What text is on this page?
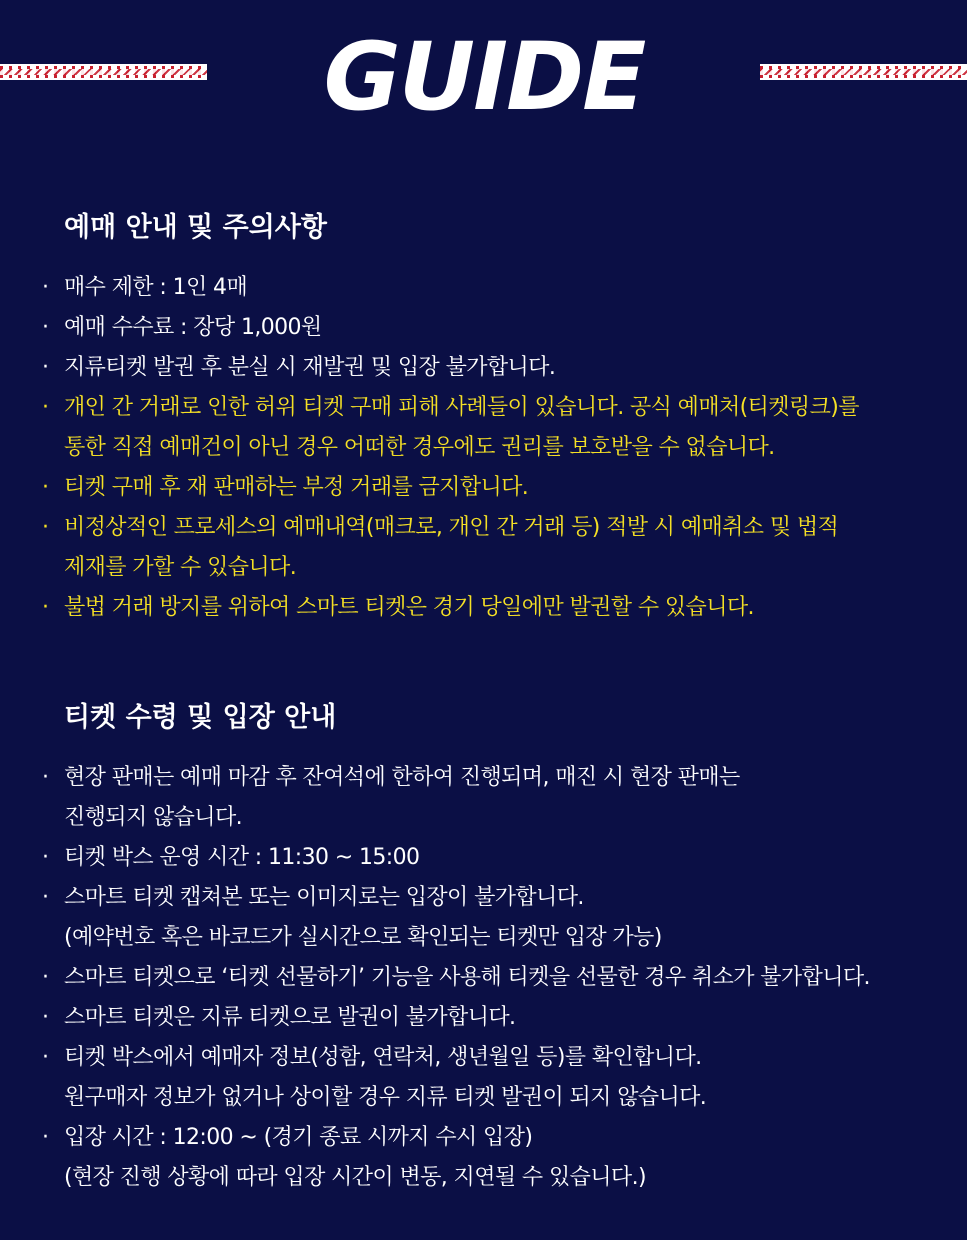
GUIDE
예매 안내 및 주의사항
· 매수 제한 : 1인 4매
· 예매 수수료 : 장당 1,000원
· 지류티켓 발권 후 분실 시 재발권 및 입장 불가합니다.
· 개인 간 거래로 인한 허위 티켓 구매 피해 사례들이 있습니다. 공식 예매처(티켓링크)를
통한 직접 예매건이 아닌 경우 어떠한 경우에도 권리를 보호받을 수 없습니다.
· 티켓 구매 후 재 판매하는 부정 거래를 금지합니다.
· 비정상적인 프로세스의 예매내역(매크로, 개인 간 거래 등) 적발 시 예매취소 및 법적
제재를 가할 수 있습니다.
· 불법 거래 방지를 위하여 스마트 티켓은 경기 당일에만 발권할 수 있습니다.
티켓 수령 및 입장 안내
· 현장 판매는 예매 마감 후 잔여석에 한하여 진행되며, 매진 시 현장 판매는
진행되지 않습니다.
· 티켓 박스 운영 시간 : 11:30 ~ 15:00
· 스마트 티켓 캡쳐본 또는 이미지로는 입장이 불가합니다.
(예약번호 혹은 바코드가 실시간으로 확인되는 티켓만 입장 가능)
· 스마트 티켓으로 ‘티켓 선물하기’ 기능을 사용해 티켓을 선물한 경우 취소가 불가합니다.
· 스마트 티켓은 지류 티켓으로 발권이 불가합니다.
· 티켓 박스에서 예매자 정보(성함, 연락처, 생년월일 등)를 확인합니다.
원구매자 정보가 없거나 상이할 경우 지류 티켓 발권이 되지 않습니다.
· 입장 시간 : 12:00 ~ (경기 종료 시까지 수시 입장)
(현장 진행 상황에 따라 입장 시간이 변동, 지연될 수 있습니다.)
